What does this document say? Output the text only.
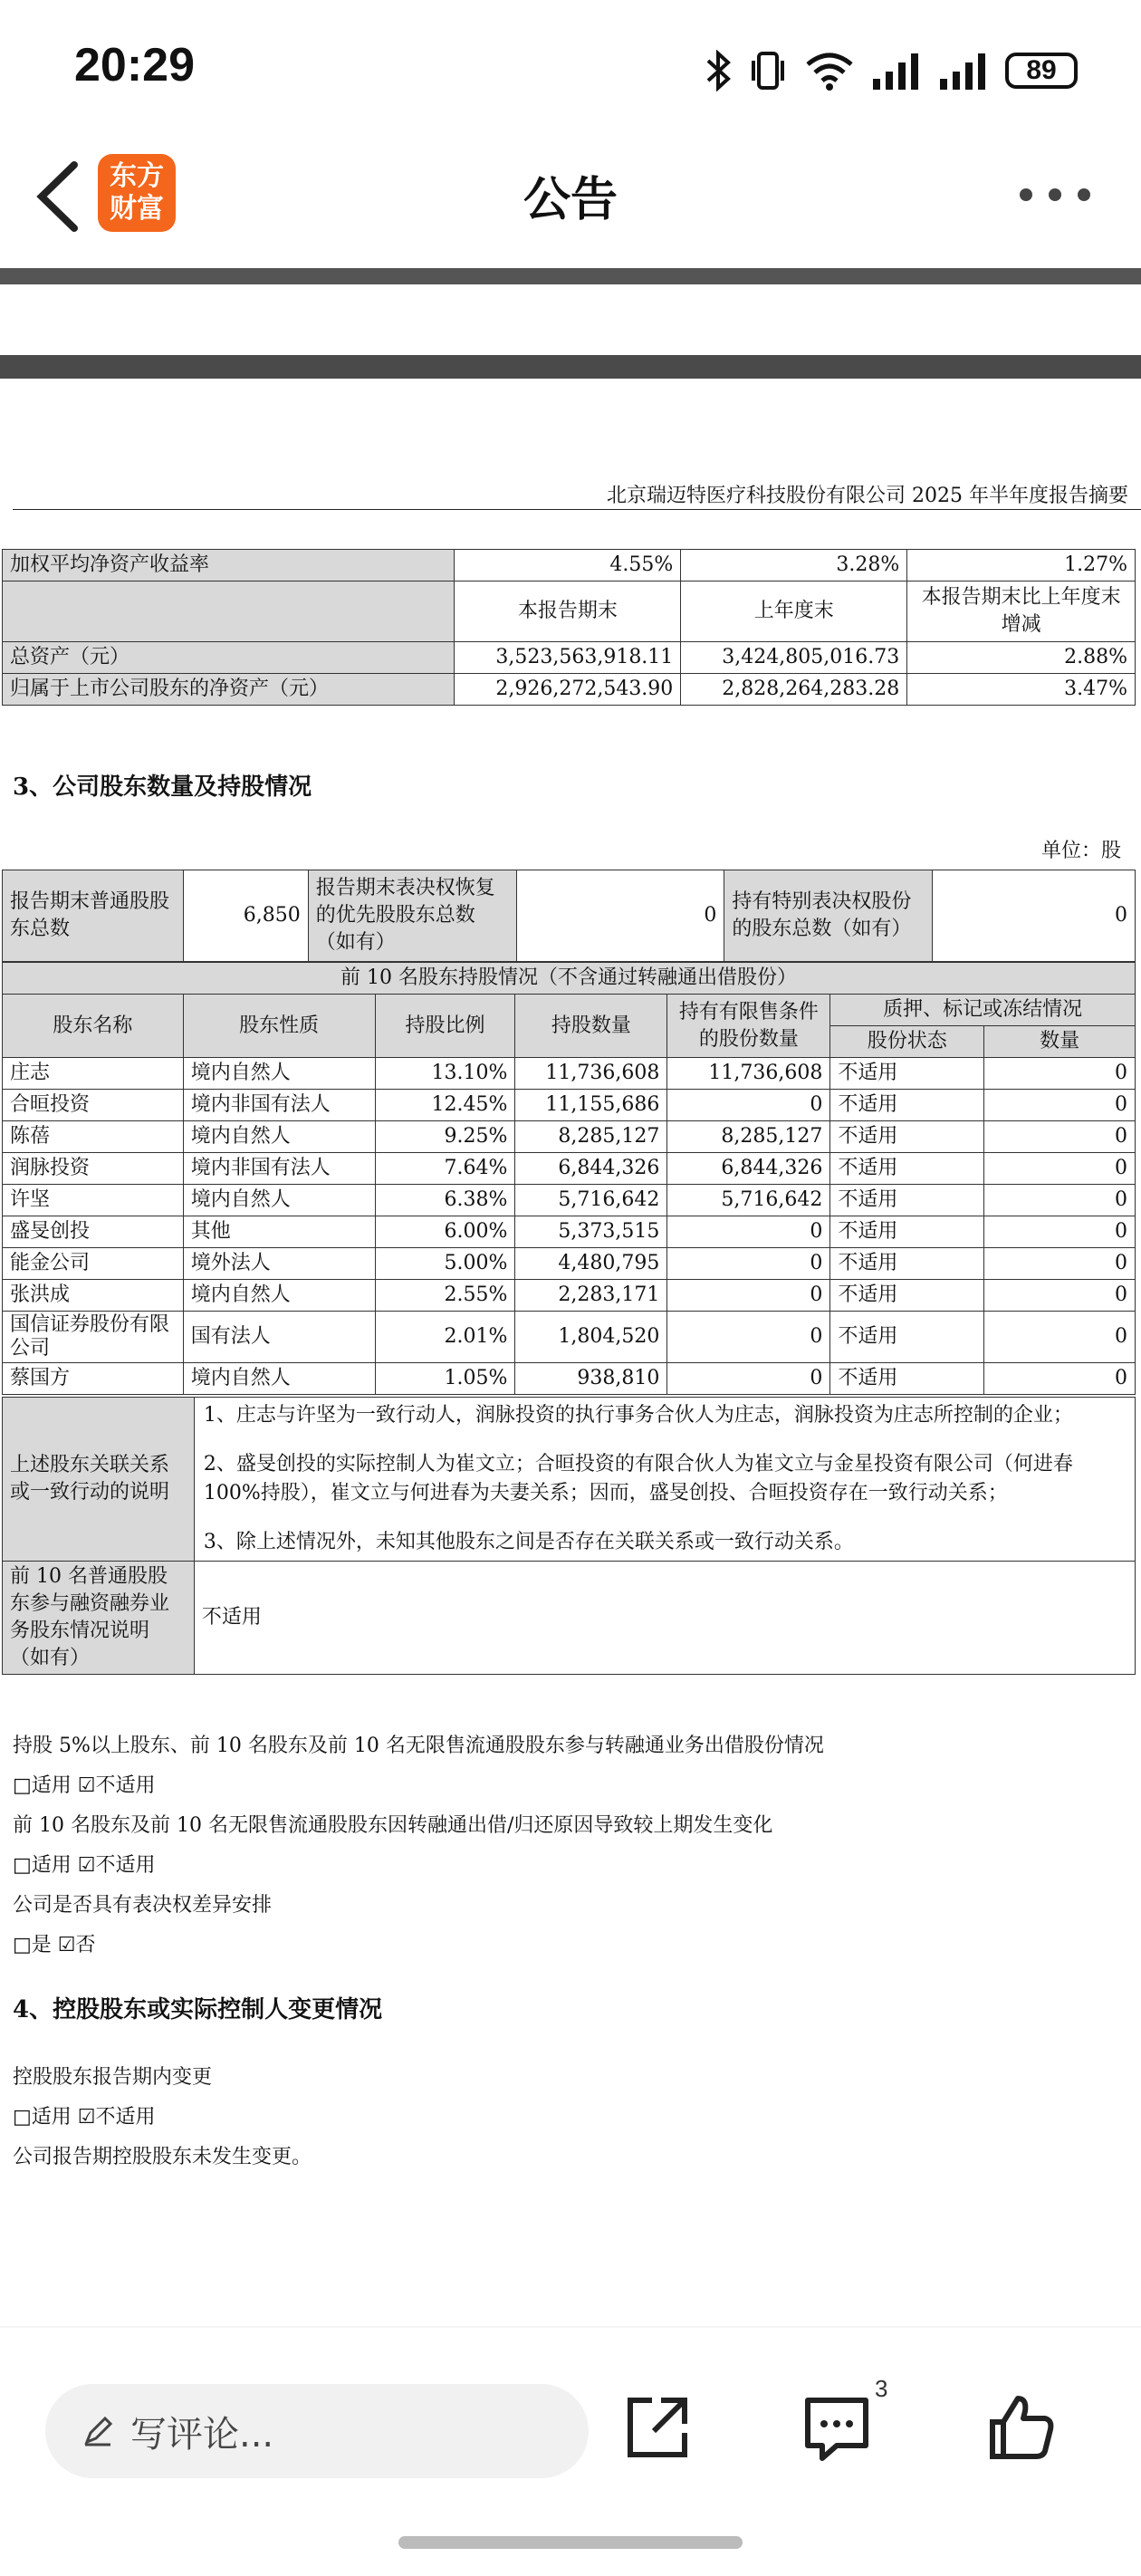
20:29	89
东方
财富	公告
北京瑞迈特医疗科技股份有限公司 2025 年半年度报告摘要
加权平均净资产收益率	4.55%	3.28%	1.27%
	本报告期末	上年度末	本报告期末比上年度末增减
总资产（元）	3,523,563,918.11	3,424,805,016.73	2.88%
归属于上市公司股东的净资产（元）	2,926,272,543.90	2,828,264,283.28	3.47%
3、公司股东数量及持股情况
单位：股
报告期末普通股股东总数	6,850	报告期末表决权恢复的优先股股东总数（如有）	0	持有特别表决权股份的股东总数（如有）	0
前 10 名股东持股情况（不含通过转融通出借股份）						
股东名称	股东性质	持股比例	持股数量	持有有限售条件的股份数量	质押、标记或冻结情况	
					股份状态	数量
庄志	境内自然人	13.10%	11,736,608	11,736,608	不适用	0
合晅投资	境内非国有法人	12.45%	11,155,686	0	不适用	0
陈蓓	境内自然人	9.25%	8,285,127	8,285,127	不适用	0
润脉投资	境内非国有法人	7.64%	6,844,326	6,844,326	不适用	0
许坚	境内自然人	6.38%	5,716,642	5,716,642	不适用	0
盛旻创投	其他	6.00%	5,373,515	0	不适用	0
能金公司	境外法人	5.00%	4,480,795	0	不适用	0
张洪成	境内自然人	2.55%	2,283,171	0	不适用	0
国信证券股份有限公司	国有法人	2.01%	1,804,520	0	不适用	0
蔡国方	境内自然人	1.05%	938,810	0	不适用	0
上述股东关联关系或一致行动的说明	1、庄志与许坚为一致行动人，润脉投资的执行事务合伙人为庄志，润脉投资为庄志所控制的企业；
2、盛旻创投的实际控制人为崔文立；合晅投资的有限合伙人为崔文立与金星投资有限公司（何进春 100%持股），崔文立与何进春为夫妻关系；因而，盛旻创投、合晅投资存在一致行动关系；
3、除上述情况外，未知其他股东之间是否存在关联关系或一致行动关系。

前 10 名普通股股东参与融资融券业务股东情况说明（如有）	不适用
持股 5%以上股东、前 10 名股东及前 10 名无限售流通股股东参与转融通业务出借股份情况
□适用 ☑不适用
前 10 名股东及前 10 名无限售流通股股东因转融通出借/归还原因导致较上期发生变化
□适用 ☑不适用
公司是否具有表决权差异安排
□是 ☑否
4、控股股东或实际控制人变更情况
控股股东报告期内变更
□适用 ☑不适用
公司报告期控股股东未发生变更。
写评论...
3
